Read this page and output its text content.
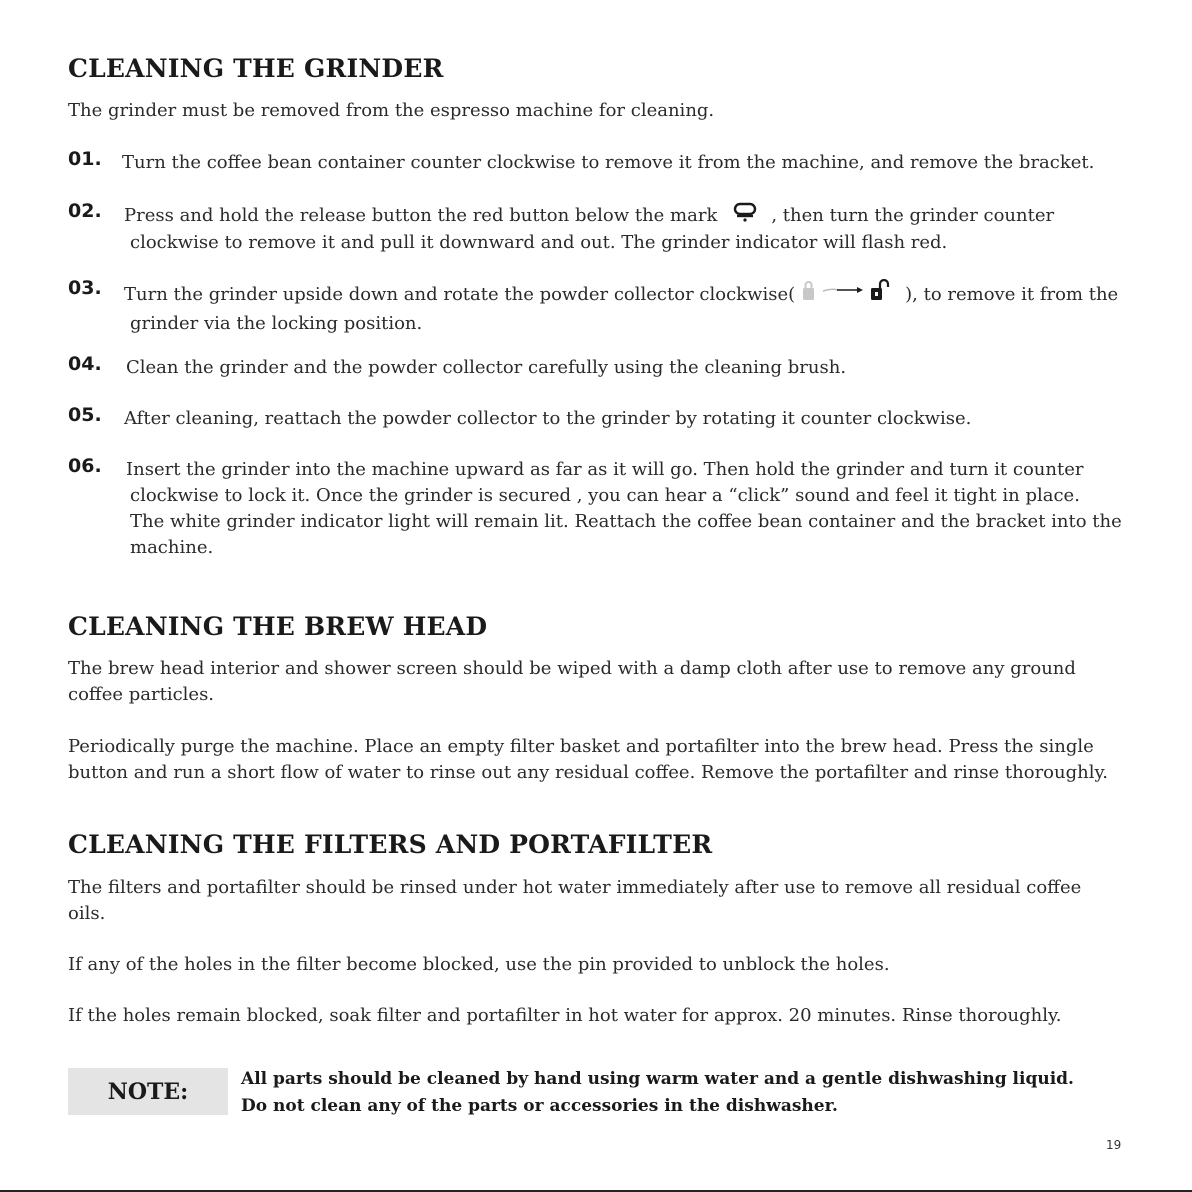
CLEANING THE GRINDER

The grinder must be removed from the espresso machine for cleaning.

01. Turn the coffee bean container counter clockwise to remove it from the machine, and remove the bracket.
02. Press and hold the release button the red button below the mark	, then turn the grinder counter
clockwise to remove it and pull it downward and out. The grinder indicator will flash red.
03. Turn the grinder upside down and rotate the powder collector clockwise(	), to remove it from the
grinder via the locking position.
04. Clean the grinder and the powder collector carefully using the cleaning brush.
05. After cleaning, reattach the powder collector to the grinder by rotating it counter clockwise.
06. Insert the grinder into the machine upward as far as it will go. Then hold the grinder and turn it counter
clockwise to lock it. Once the grinder is secured , you can hear a “click” sound and feel it tight in place.
The white grinder indicator light will remain lit. Reattach the coffee bean container and the bracket into the
machine.
CLEANING THE BREW HEAD

The brew head interior and shower screen should be wiped with a damp cloth after use to remove any ground coffee particles.

Periodically purge the machine. Place an empty filter basket and portafilter into the brew head. Press the single button and run a short flow of water to rinse out any residual coffee. Remove the portafilter and rinse thoroughly.

CLEANING THE FILTERS AND PORTAFILTER

The filters and portafilter should be rinsed under hot water immediately after use to remove all residual coffee oils.

If any of the holes in the filter become blocked, use the pin provided to unblock the holes.

If the holes remain blocked, soak filter and portafilter in hot water for approx. 20 minutes. Rinse thoroughly.

NOTE:	All parts should be cleaned by hand using warm water and a gentle dishwashing liquid.
Do not clean any of the parts or accessories in the dishwasher.
19
